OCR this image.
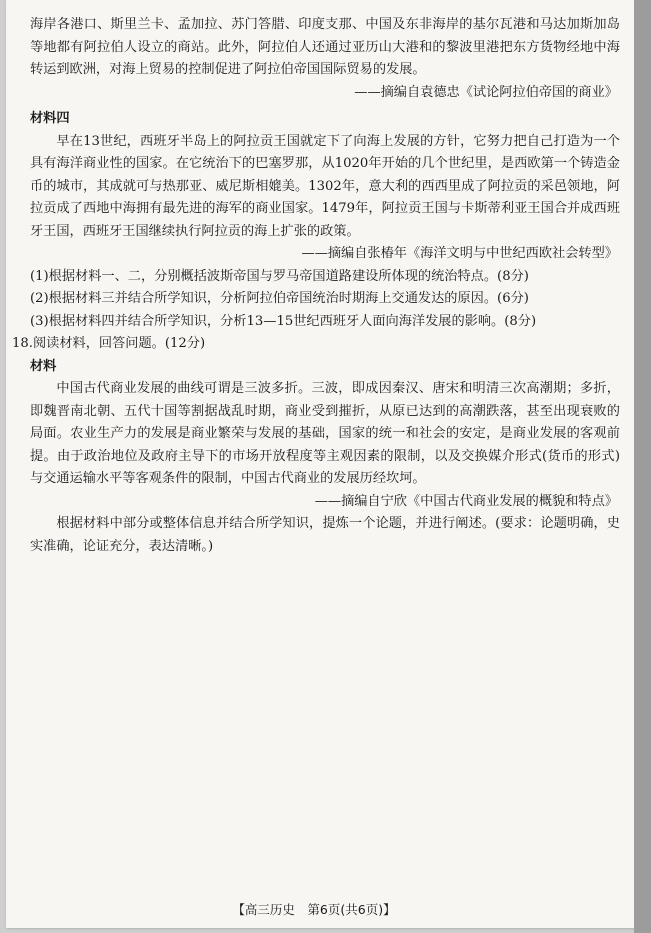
海岸各港口、斯里兰卡、孟加拉、苏门答腊、印度支那、中国及东非海岸的基尔瓦港和马达加斯加岛等地都有阿拉伯人设立的商站。此外，阿拉伯人还通过亚历山大港和的黎波里港把东方货物经地中海转运到欧洲，对海上贸易的控制促进了阿拉伯帝国国际贸易的发展。

——摘编自袁德忠《试论阿拉伯帝国的商业》

材料四

早在13世纪，西班牙半岛上的阿拉贡王国就定下了向海上发展的方针，它努力把自己打造为一个具有海洋商业性的国家。在它统治下的巴塞罗那，从1020年开始的几个世纪里，是西欧第一个铸造金币的城市，其成就可与热那亚、威尼斯相媲美。1302年，意大利的西西里成了阿拉贡的采邑领地，阿拉贡成了西地中海拥有最先进的海军的商业国家。1479年，阿拉贡王国与卡斯蒂利亚王国合并成西班牙王国，西班牙王国继续执行阿拉贡的海上扩张的政策。

——摘编自张椿年《海洋文明与中世纪西欧社会转型》

(1)根据材料一、二，分别概括波斯帝国与罗马帝国道路建设所体现的统治特点。(8分)

(2)根据材料三并结合所学知识，分析阿拉伯帝国统治时期海上交通发达的原因。(6分)

(3)根据材料四并结合所学知识，分析13—15世纪西班牙人面向海洋发展的影响。(8分)

18.阅读材料，回答问题。(12分)

材料

中国古代商业发展的曲线可谓是三波多折。三波，即成因秦汉、唐宋和明清三次高潮期；多折，即魏晋南北朝、五代十国等割据战乱时期，商业受到摧折，从原已达到的高潮跌落，甚至出现衰败的局面。农业生产力的发展是商业繁荣与发展的基础，国家的统一和社会的安定，是商业发展的客观前提。由于政治地位及政府主导下的市场开放程度等主观因素的限制，以及交换媒介形式(货币的形式)与交通运输水平等客观条件的限制，中国古代商业的发展历经坎坷。

——摘编自宁欣《中国古代商业发展的概貌和特点》

根据材料中部分或整体信息并结合所学知识，提炼一个论题，并进行阐述。(要求：论题明确，史实准确，论证充分，表达清晰。)

【高三历史　第6页(共6页)】
